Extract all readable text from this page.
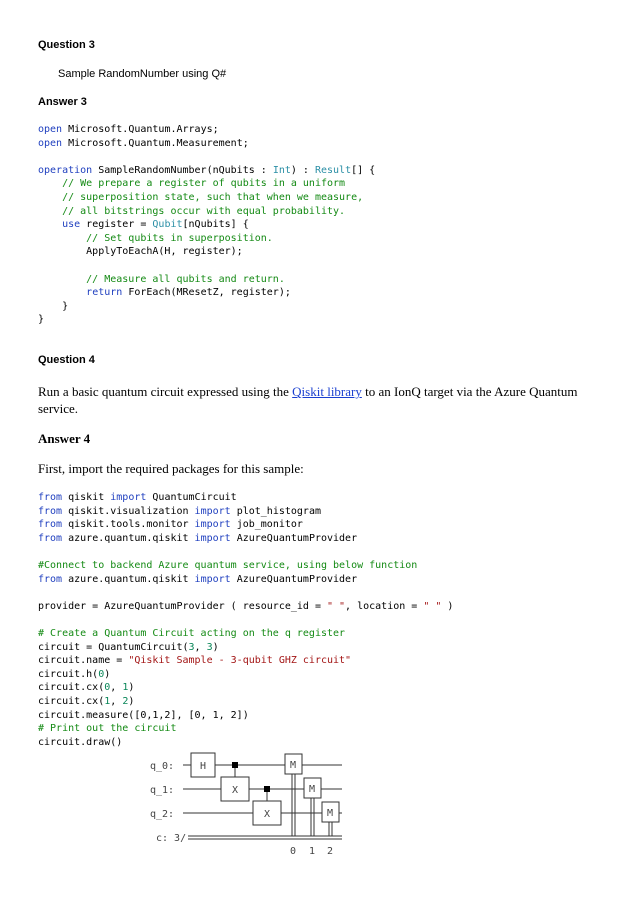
Question 3
Sample RandomNumber using Q#
Answer 3
open Microsoft.Quantum.Arrays;
open Microsoft.Quantum.Measurement;

operation SampleRandomNumber(nQubits : Int) : Result[] {
// We prepare a register of qubits in a uniform
// superposition state, such that when we measure,
// all bitstrings occur with equal probability.
use register = Qubit[nQubits] {
// Set qubits in superposition.
ApplyToEachA(H, register);

// Measure all qubits and return.
return ForEach(MResetZ, register);
}
}
Question 4
Run a basic quantum circuit expressed using the Qiskit library to an IonQ target via the Azure Quantum service.
Answer 4
First, import the required packages for this sample:
from qiskit import QuantumCircuit
from qiskit.visualization import plot_histogram
from qiskit.tools.monitor import job_monitor
from azure.quantum.qiskit import AzureQuantumProvider

#Connect to backend Azure quantum service, using below function
from azure.quantum.qiskit import AzureQuantumProvider

provider = AzureQuantumProvider ( resource_id = " ", location = " " )

# Create a Quantum Circuit acting on the q register
circuit = QuantumCircuit(3, 3)
circuit.name = "Qiskit Sample - 3-qubit GHZ circuit"
circuit.h(0)
circuit.cx(0, 1)
circuit.cx(1, 2)
circuit.measure([0,1,2], [0, 1, 2])
# Print out the circuit
circuit.draw()
q_0:
q_1:
q_2:
c: 3/
H
X
X
M
M
M
0 1 2
